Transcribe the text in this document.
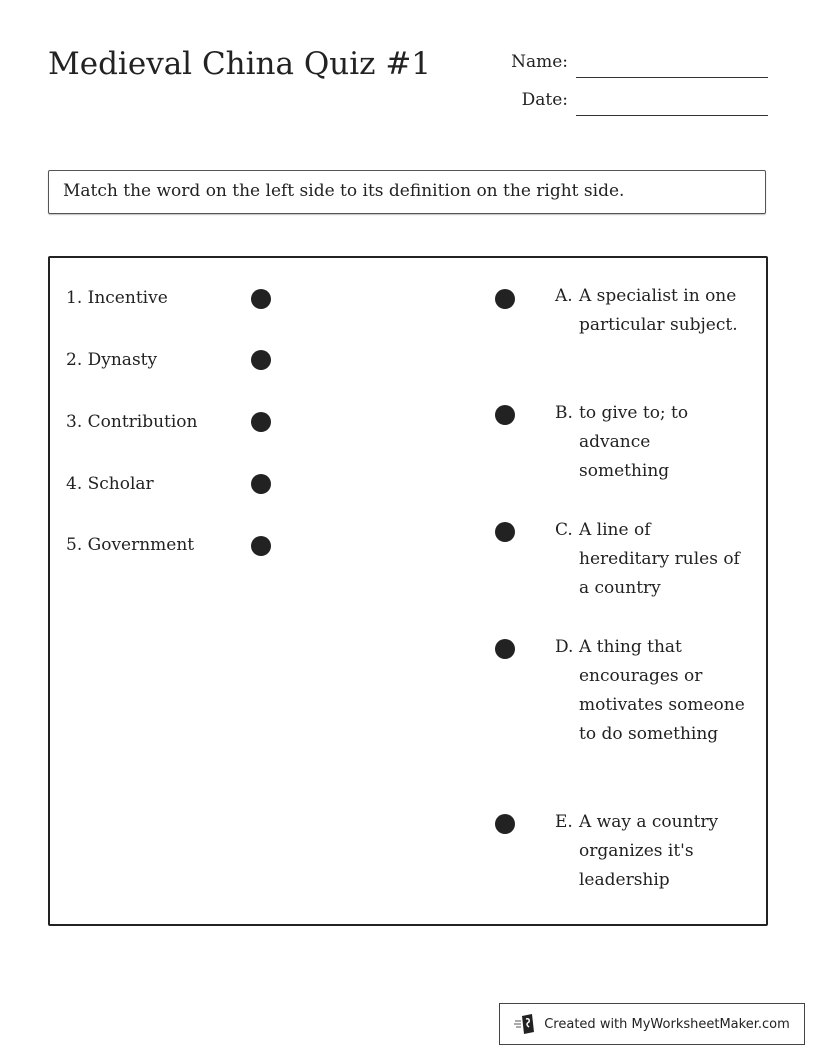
Medieval China Quiz #1	Name:
Date:
Match the word on the left side to its definition on the right side.
1. Incentive
2. Dynasty
3. Contribution
4. Scholar
5. Government
A. A specialist in one particular subject.
B. to give to; to advance something
C. A line of hereditary rules of a country
D. A thing that encourages or motivates someone to do something
E. A way a country organizes it's leadership
Created with MyWorksheetMaker.com
